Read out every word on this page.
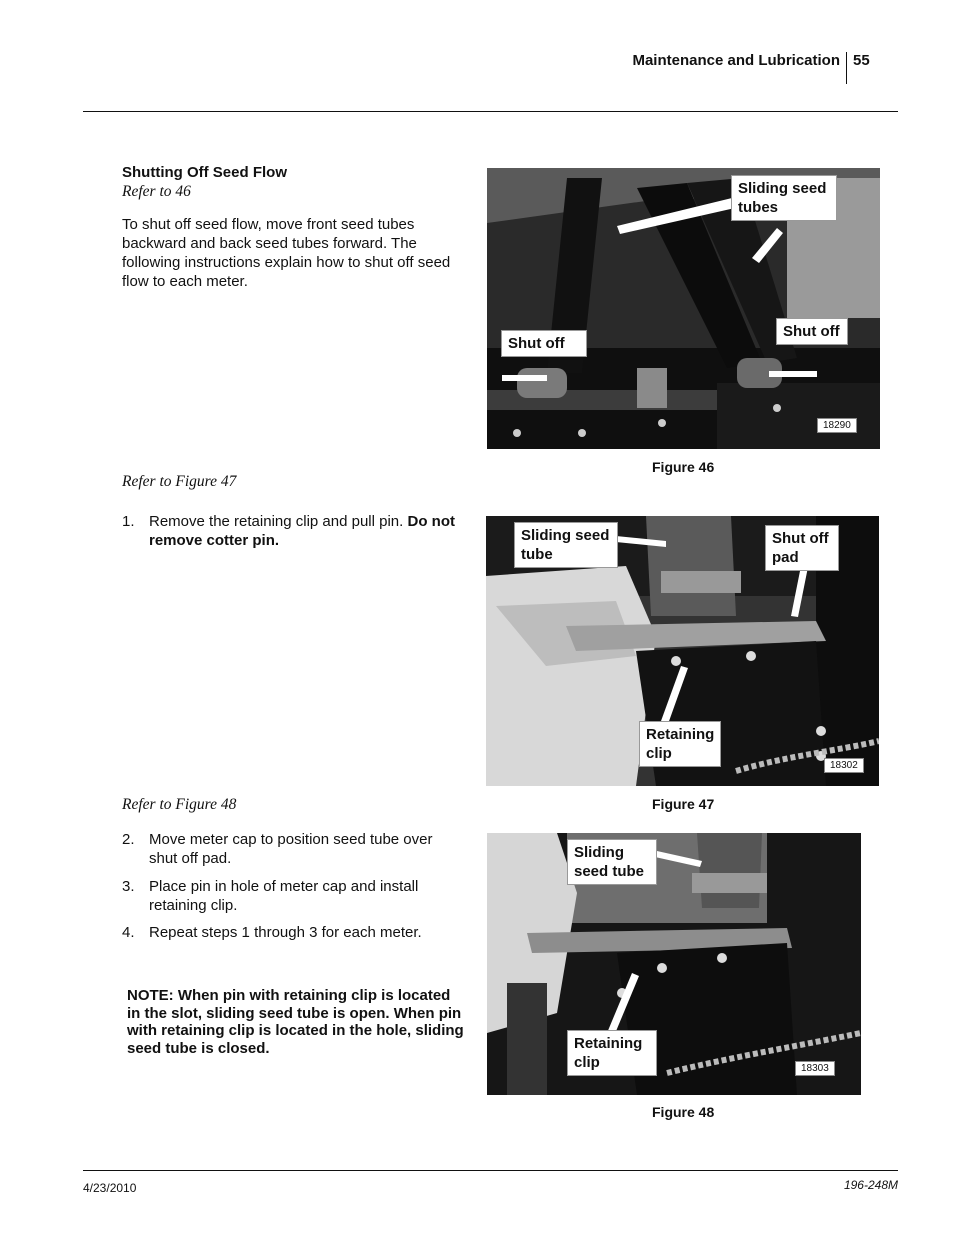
Maintenance and Lubrication 55
Shutting Off Seed Flow
Refer to 46
To shut off seed flow, move front seed tubes backward and back seed tubes forward. The following instructions explain how to shut off seed flow to each meter.
Refer to Figure 47
1. Remove the retaining clip and pull pin. Do not remove cotter pin.
Refer to Figure 48
2. Move meter cap to position seed tube over shut off pad.
3. Place pin in hole of meter cap and install retaining clip.
4. Repeat steps 1 through 3 for each meter.
NOTE: When pin with retaining clip is located in the slot, sliding seed tube is open. When pin with retaining clip is located in the hole, sliding seed tube is closed.
Sliding seed tubes
Shut off
Shut off
18290
Figure 46
Sliding seed tube
Shut off pad
Retaining clip
18302
Figure 47
Sliding seed tube
Retaining clip	18303
Figure 48
4/23/2010	196-248M
